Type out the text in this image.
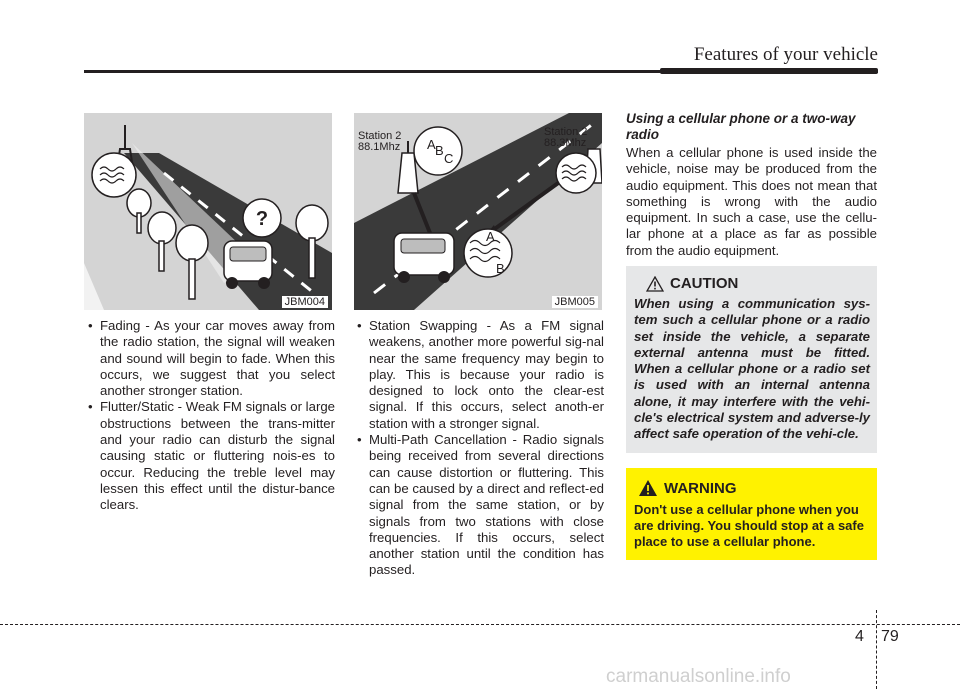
Features of your vehicle
?
JBM004
A B
C
A
B
Station 2
88.1Mhz
Station 2
88.3Mhz
JBM005
• Fading - As your car moves away from the radio station, the signal will weaken and sound will begin to fade. When this occurs, we suggest that you select another stronger station.
• Flutter/Static - Weak FM signals or large obstructions between the trans-mitter and your radio can disturb the signal causing static or fluttering nois-es to occur. Reducing the treble level may lessen this effect until the distur-bance clears.
• Station Swapping - As a FM signal weakens, another more powerful sig-nal near the same frequency may begin to play. This is because your radio is designed to lock onto the clear-est signal. If this occurs, select anoth-er station with a stronger signal.
• Multi-Path Cancellation - Radio signals being received from several directions can cause distortion or fluttering. This can be caused by a direct and reflect-ed signal from the same station, or by signals from two stations with close frequencies. If this occurs, select another station until the condition has passed.
Using a cellular phone or a two-way radio
When a cellular phone is used inside the vehicle, noise may be produced from the audio equipment. This does not mean that something is wrong with the audio equipment. In such a case, use the cellu-lar phone at a place as far as possible from the audio equipment.
CAUTION
When using a communication sys-tem such a cellular phone or a radio set inside the vehicle, a separate external antenna must be fitted. When a cellular phone or a radio set is used with an internal antenna alone, it may interfere with the vehi-cle's electrical system and adverse-ly affect safe operation of the vehi-cle.
WARNING
Don't use a cellular phone when you are driving. You should stop at a safe place to use a cellular phone.
4 79
carmanualsonline.info
